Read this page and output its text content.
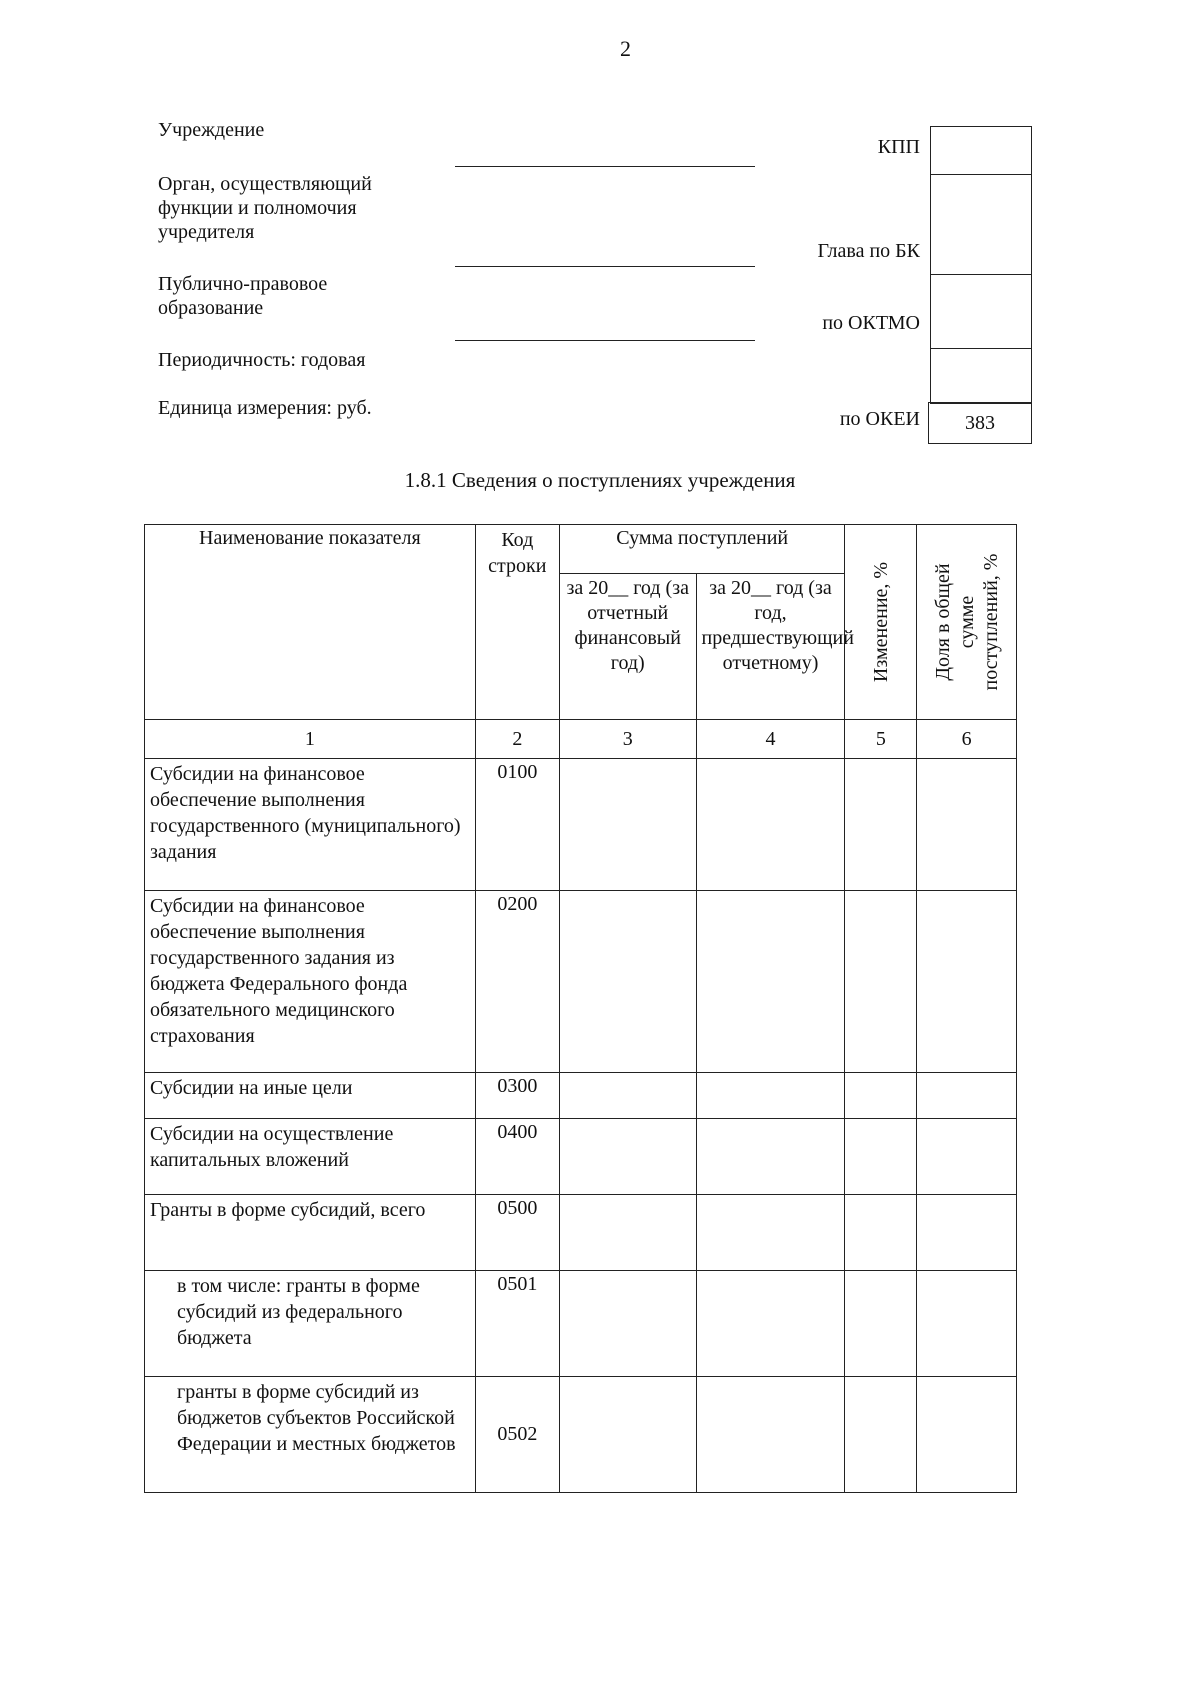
2
Учреждение
Орган, осуществляющий функции и полномочия учредителя
Публично-правовое образование
Периодичность: годовая
Единица измерения: руб.
КПП
Глава по БК
по ОКТМО
по ОКЕИ	383
1.8.1 Сведения о поступлениях учреждения
Наименование показателя	Код строки	Сумма поступлений		Изменение, %	Доля в общей сумме поступлений, %

		за 20__ год (за отчетный финансовый год)	за 20__ год (за год, предшествующий отчетному)		
1	2	3	4	5	6
Субсидии на финансовое обеспечение выполнения государственного (муниципального) задания	0100				
Субсидии на финансовое обеспечение выполнения государственного задания из бюджета Федерального фонда обязательного медицинского страхования	0200				
Субсидии на иные цели	0300				
Субсидии на осуществление капитальных вложений	0400				
Гранты в форме субсидий, всего	0500				
в том числе: гранты в форме субсидий из федерального бюджета	0501				
гранты в форме субсидий из бюджетов субъектов Российской Федерации и местных бюджетов	0502				
